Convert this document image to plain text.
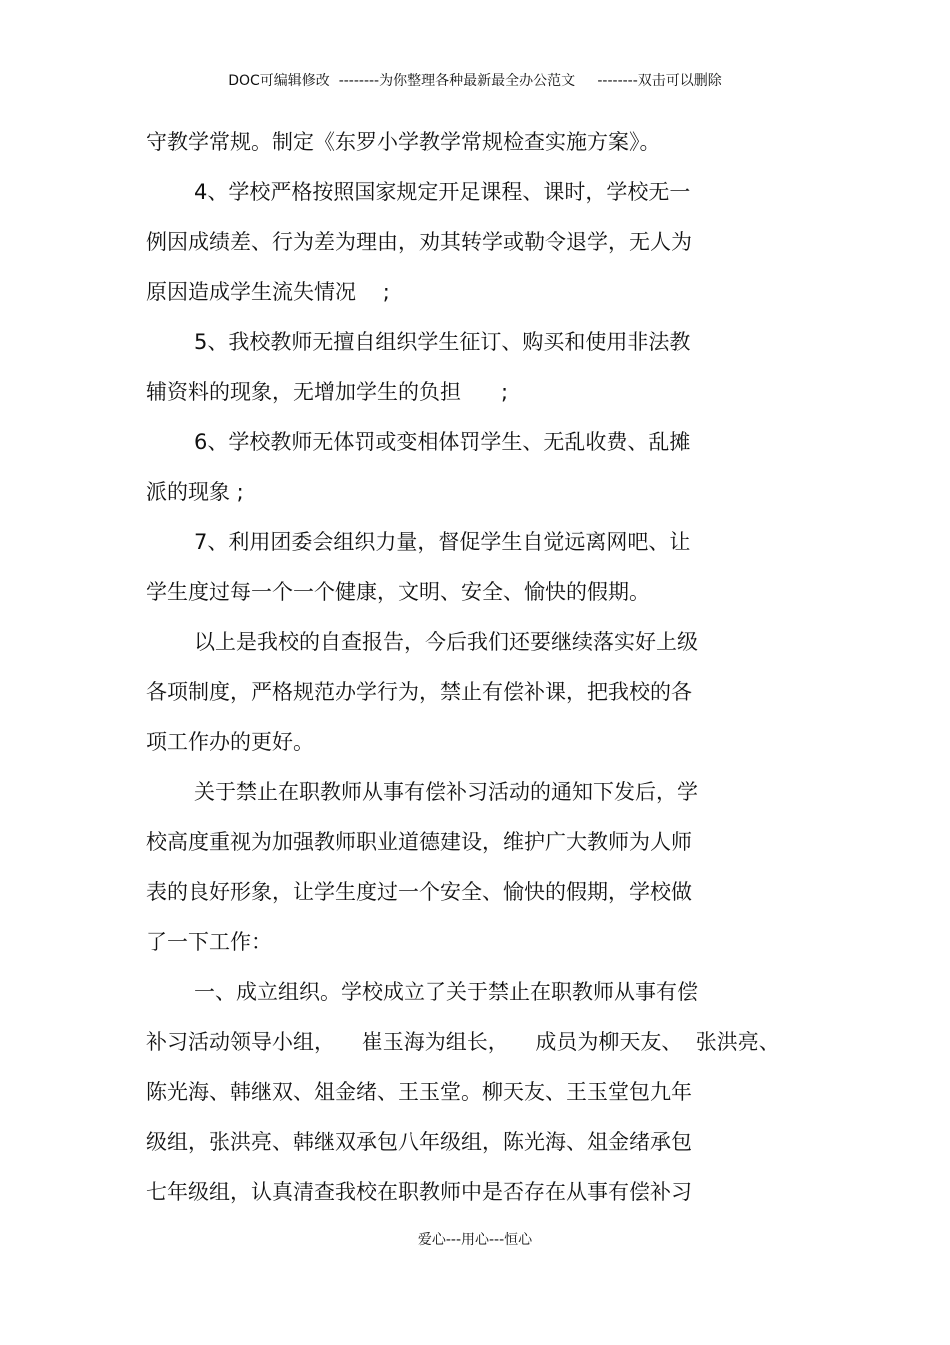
DOC可编辑修改  --------为你整理各种最新最全办公范文     --------双击可以删除
守教学常规。制定《东罗小学教学常规检查实施方案》。
4、学校严格按照国家规定开足课程、课时，学校无一
例因成绩差、行为差为理由，劝其转学或勒令退学，无人为
原因造成学生流失情况    ;
5、我校教师无擅自组织学生征订、购买和使用非法教
辅资料的现象，无增加学生的负担      ;
6、学校教师无体罚或变相体罚学生、无乱收费、乱摊
派的现象 ;
7、利用团委会组织力量，督促学生自觉远离网吧、让
学生度过每一个一个健康，文明、安全、愉快的假期。
以上是我校的自查报告，今后我们还要继续落实好上级
各项制度，严格规范办学行为，禁止有偿补课，把我校的各
项工作办的更好。
关于禁止在职教师从事有偿补习活动的通知下发后，学
校高度重视为加强教师职业道德建设，维护广大教师为人师
表的良好形象，让学生度过一个安全、愉快的假期，学校做
了一下工作：
一、成立组织。学校成立了关于禁止在职教师从事有偿
补习活动领导小组，    崔玉海为组长，    成员为柳天友、  张洪亮、
陈光海、韩继双、俎金绪、王玉堂。柳天友、王玉堂包九年
级组，张洪亮、韩继双承包八年级组，陈光海、俎金绪承包
七年级组，认真清查我校在职教师中是否存在从事有偿补习
爱心---用心---恒心
